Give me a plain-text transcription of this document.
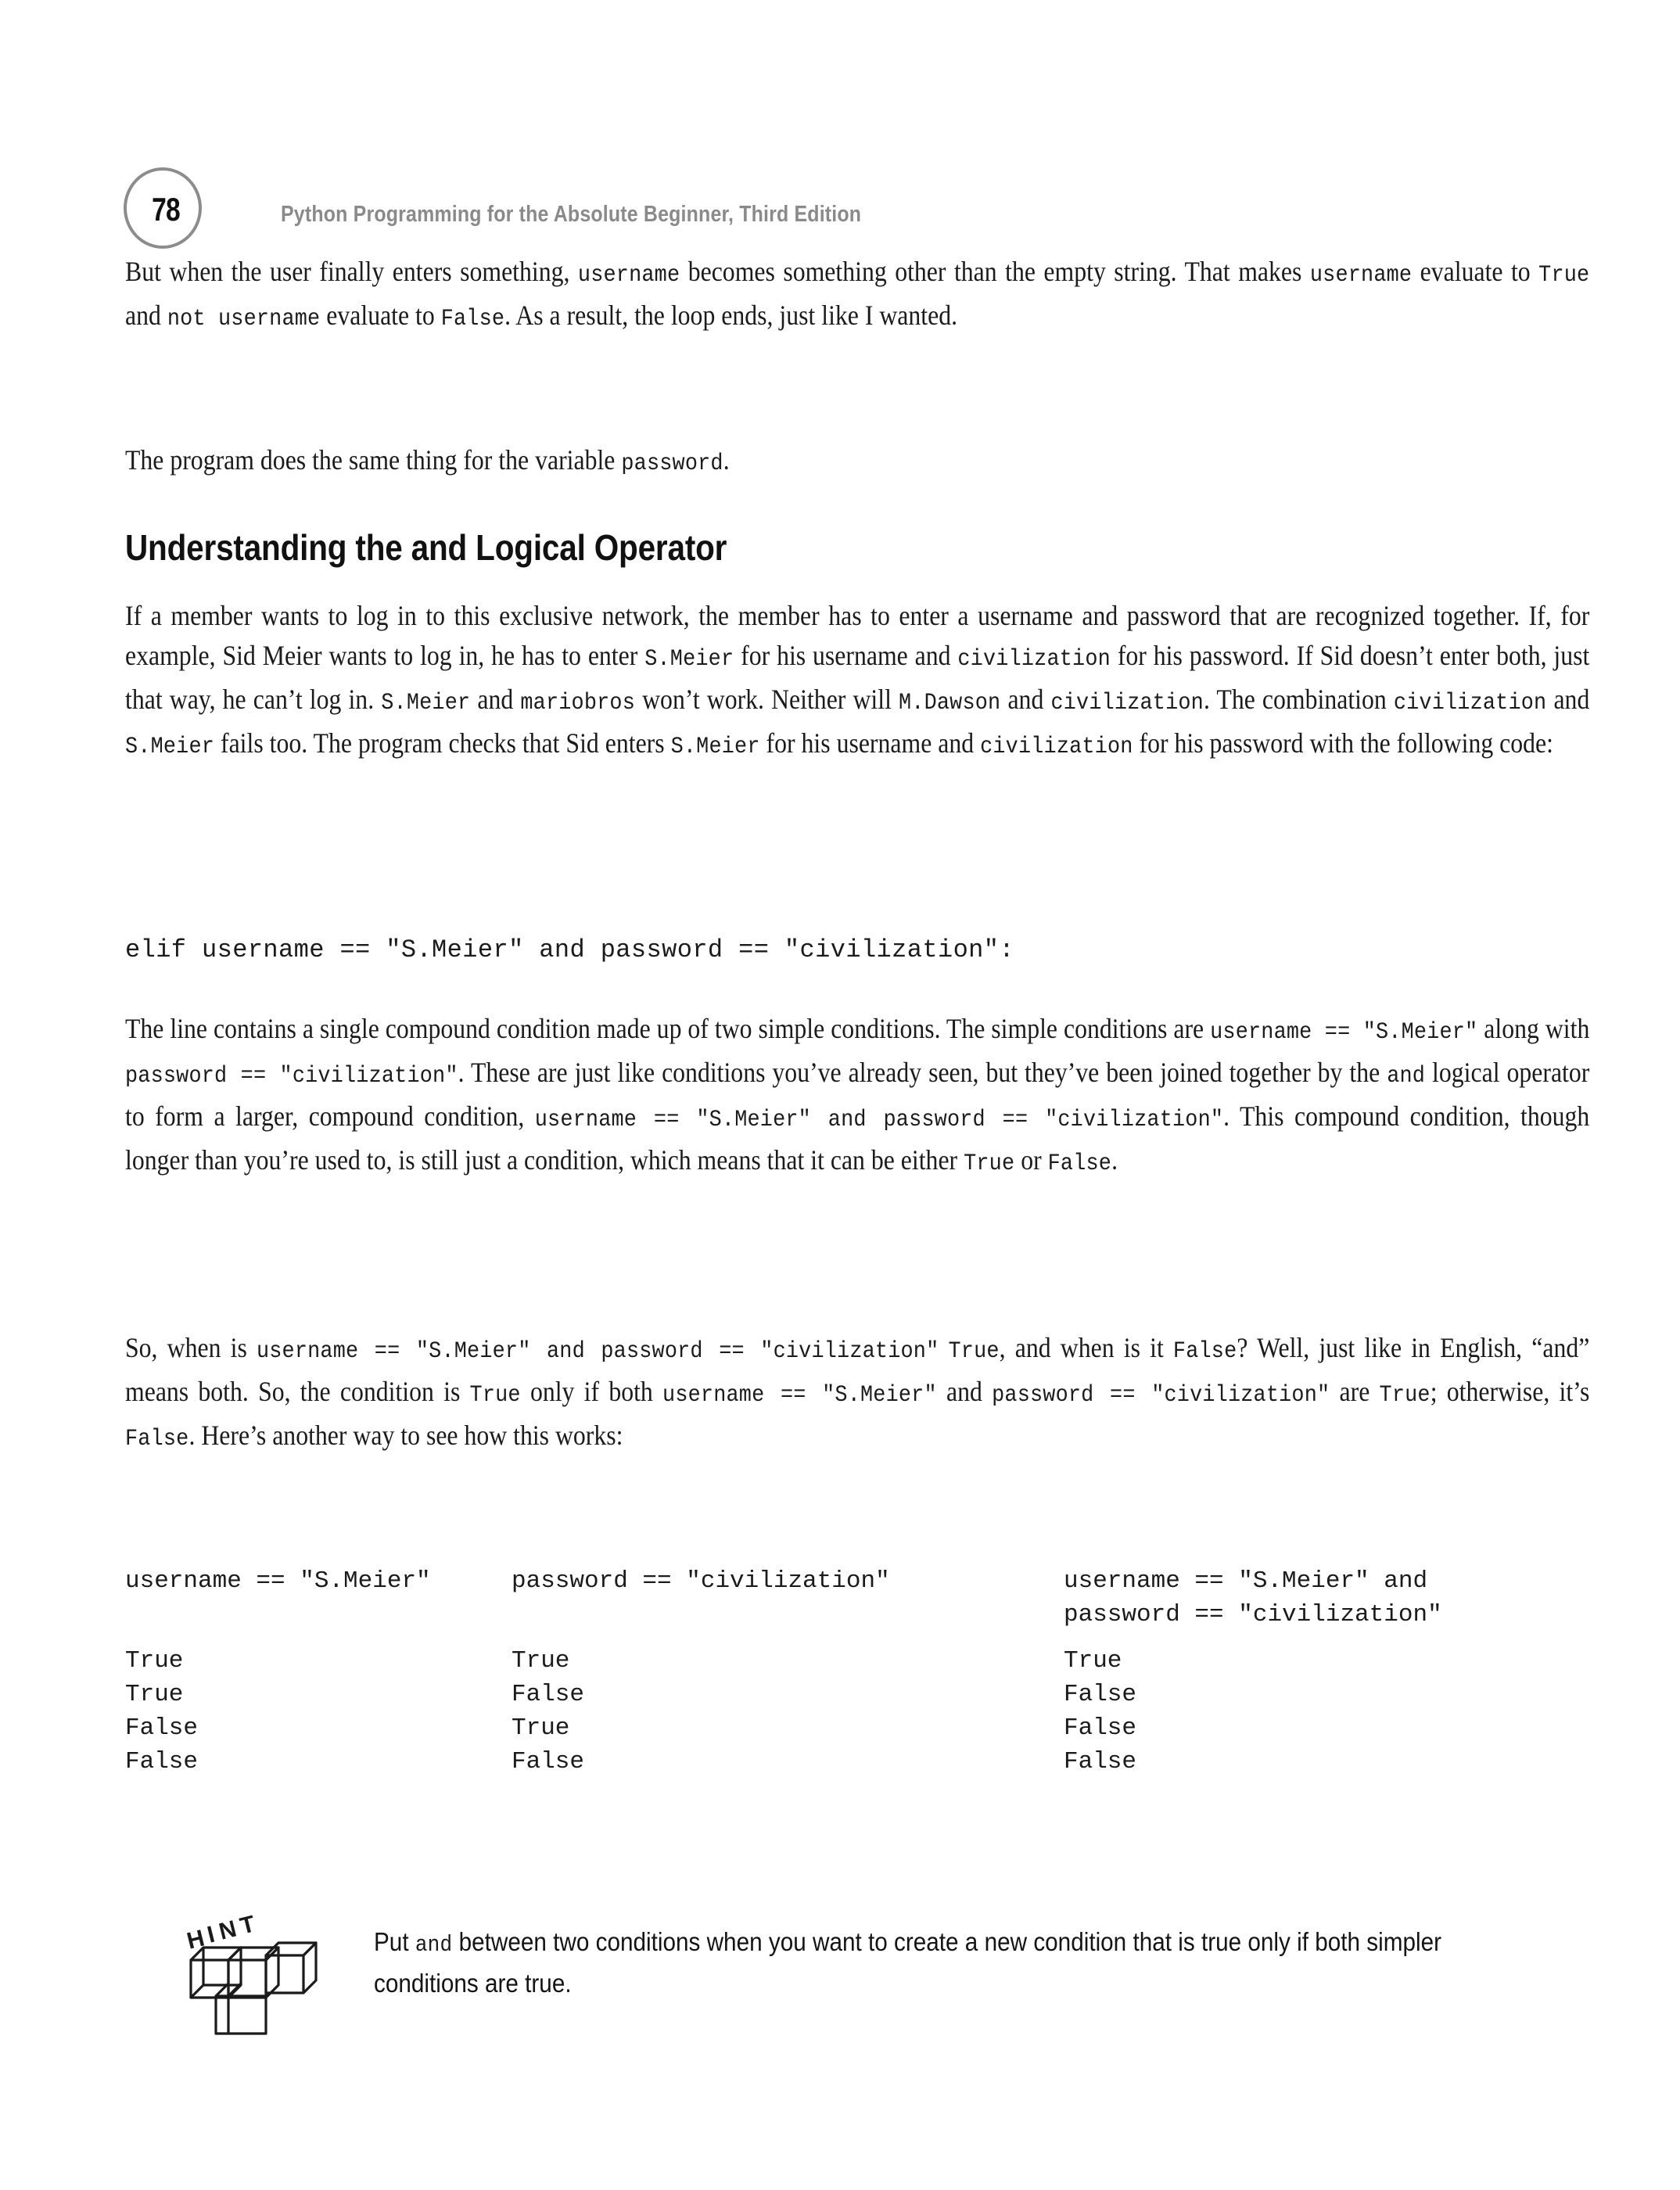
78	Python Programming for the Absolute Beginner, Third Edition

But when the user finally enters something, username becomes something other than the empty string. That makes username evaluate to True and not username evaluate to False. As a result, the loop ends, just like I wanted.

The program does the same thing for the variable password.

Understanding the and Logical Operator

If a member wants to log in to this exclusive network, the member has to enter a username and password that are recognized together. If, for example, Sid Meier wants to log in, he has to enter S.Meier for his username and civilization for his password. If Sid doesn’t enter both, just that way, he can’t log in. S.Meier and mariobros won’t work. Neither will M.Dawson and civilization. The combination civilization and S.Meier fails too. The program checks that Sid enters S.Meier for his username and civilization for his password with the following code:

elif username == "S.Meier" and password == "civilization":

The line contains a single compound condition made up of two simple conditions. The simple conditions are username == "S.Meier" along with password == "civilization". These are just like conditions you’ve already seen, but they’ve been joined together by the and logical operator to form a larger, compound condition, username == "S.Meier" and password == "civilization". This compound condition, though longer than you’re used to, is still just a condition, which means that it can be either True or False.

So, when is username == "S.Meier" and password == "civilization" True, and when is it False? Well, just like in English, “and” means both. So, the condition is True only if both username == "S.Meier" and password == "civilization" are True; otherwise, it’s False. Here’s another way to see how this works:

username == "S.Meier"	password == "civilization"	username == "S.Meier" and
password == "civilization"
True	True	True
True	False	False
False	True	False
False	False	False
H
I
N
T
Put and between two conditions when you want to create a new condition that is true only if both simpler conditions are true.
